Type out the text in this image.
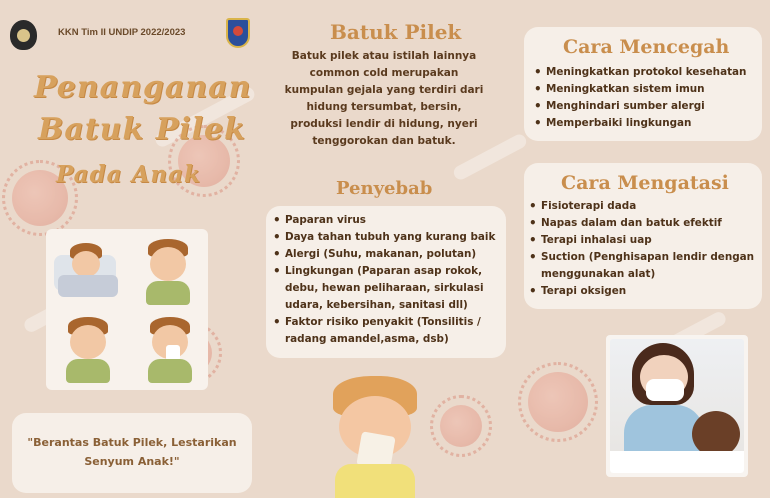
KKN Tim II UNDIP 2022/2023
Penanganan
Batuk Pilek
Pada Anak
"Berantas Batuk Pilek, Lestarikan
Senyum Anak!"
Batuk Pilek
Batuk pilek atau istilah lainnya
common cold merupakan
kumpulan gejala yang terdiri dari
hidung tersumbat, bersin,
produksi lendir di hidung, nyeri
tenggorokan dan batuk.
Penyebab
• Paparan virus
• Daya tahan tubuh yang kurang baik
• Alergi (Suhu, makanan, polutan)
• Lingkungan (Paparan asap rokok, debu, hewan peliharaan, sirkulasi udara, kebersihan, sanitasi dll)
• Faktor risiko penyakit (Tonsilitis / radang amandel,asma, dsb)
Cara Mencegah
• Meningkatkan protokol kesehatan
• Meningkatkan sistem imun
• Menghindari sumber alergi
• Memperbaiki lingkungan
Cara Mengatasi
• Fisioterapi dada
• Napas dalam dan batuk efektif
• Terapi inhalasi uap
• Suction (Penghisapan lendir dengan menggunakan alat)
• Terapi oksigen
